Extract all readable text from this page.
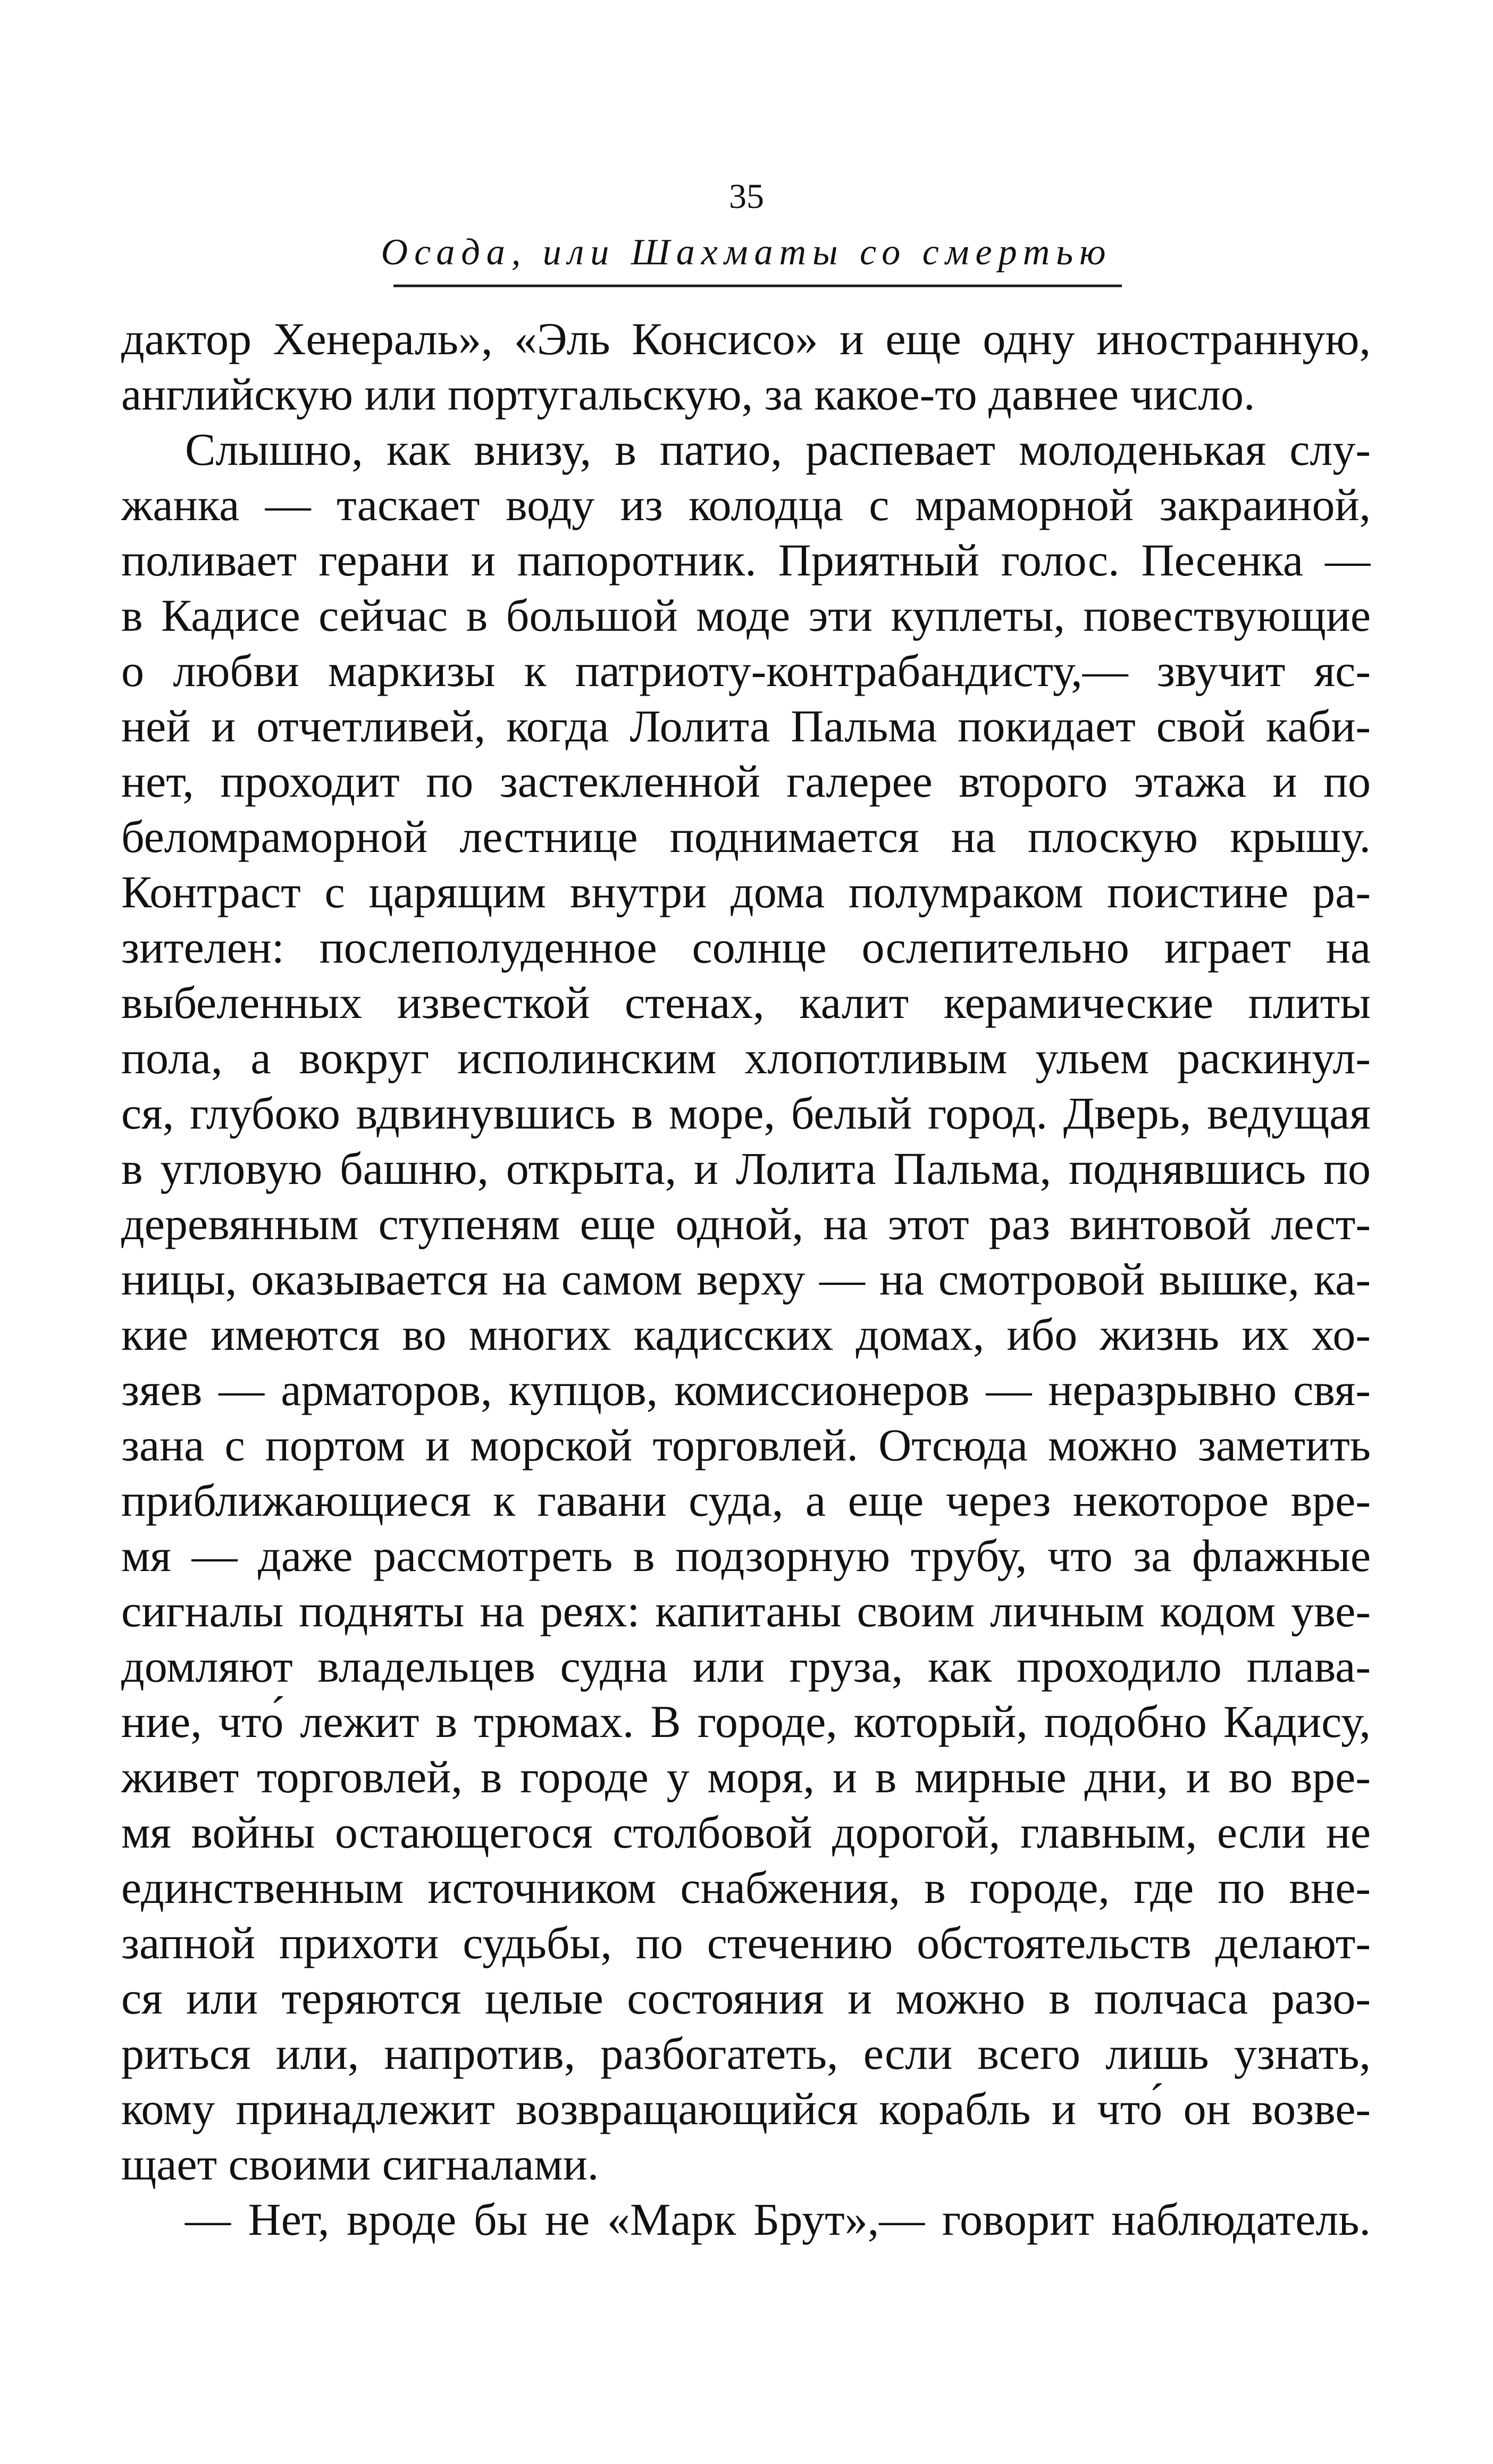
35
Осада, или Шахматы со смертью
дактор Хенераль», «Эль Консисо» и еще одну иностранную,
английскую или португальскую, за какое-то давнее число.
Слышно, как внизу, в патио, распевает молоденькая слу-
жанка — таскает воду из колодца с мраморной закраиной,
поливает герани и папоротник. Приятный голос. Песенка —
в Кадисе сейчас в большой моде эти куплеты, повествующие
о любви маркизы к патриоту-контрабандисту,— звучит яс-
ней и отчетливей, когда Лолита Пальма покидает свой каби-
нет, проходит по застекленной галерее второго этажа и по
беломраморной лестнице поднимается на плоскую крышу.
Контраст с царящим внутри дома полумраком поистине ра-
зителен: послеполуденное солнце ослепительно играет на
выбеленных известкой стенах, калит керамические плиты
пола, а вокруг исполинским хлопотливым ульем раскинул-
ся, глубоко вдвинувшись в море, белый город. Дверь, ведущая
в угловую башню, открыта, и Лолита Пальма, поднявшись по
деревянным ступеням еще одной, на этот раз винтовой лест-
ницы, оказывается на самом верху — на смотровой вышке, ка-
кие имеются во многих кадисских домах, ибо жизнь их хо-
зяев — арматоров, купцов, комиссионеров — неразрывно свя-
зана с портом и морской торговлей. Отсюда можно заметить
приближающиеся к гавани суда, а еще через некоторое вре-
мя — даже рассмотреть в подзорную трубу, что за флажные
сигналы подняты на реях: капитаны своим личным кодом уве-
домляют владельцев судна или груза, как проходило плава-
ние, что́ лежит в трюмах. В городе, который, подобно Кадису,
живет торговлей, в городе у моря, и в мирные дни, и во вре-
мя войны остающегося столбовой дорогой, главным, если не
единственным источником снабжения, в городе, где по вне-
запной прихоти судьбы, по стечению обстоятельств делают-
ся или теряются целые состояния и можно в полчаса разо-
риться или, напротив, разбогатеть, если всего лишь узнать,
кому принадлежит возвращающийся корабль и что́ он возве-
щает своими сигналами.
— Нет, вроде бы не «Марк Брут»,— говорит наблюдатель.
